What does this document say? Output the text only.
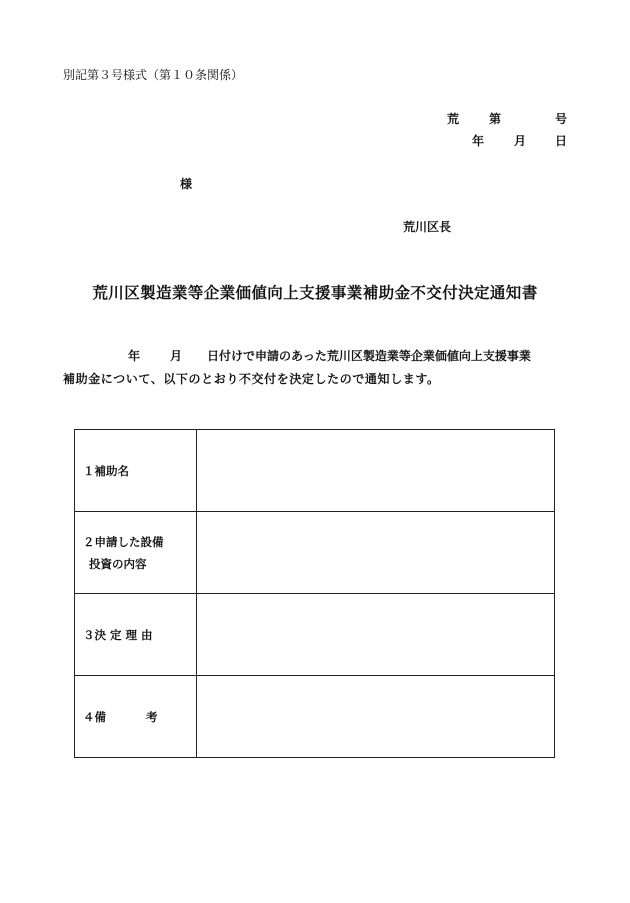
別記第３号様式（第１０条関係）
荒 第	号
年 月 日
様
荒川区長
荒川区製造業等企業価値向上支援事業補助金不交付決定通知書
年 月 日付けで申請のあった荒川区製造業等企業価値向上支援事業
補助金について、以下のとおり不交付を決定したので通知します。
１補助名	

２申請した設備
投資の内容	

３決 定 理 由	
４備 考	
